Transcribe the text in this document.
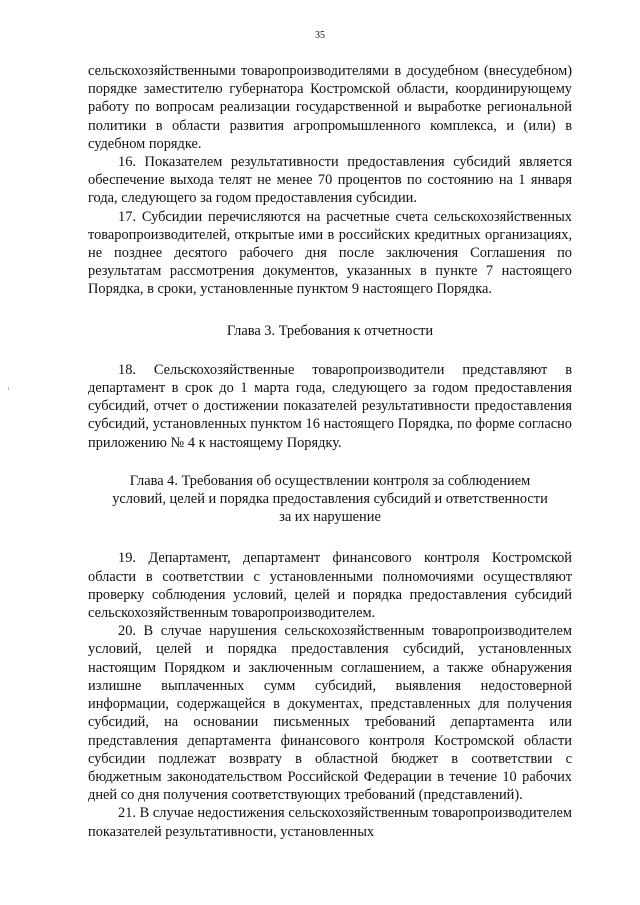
35

сельскохозяйственными товаропроизводителями в досудебном (внесудебном) порядке заместителю губернатора Костромской области, координирующему работу по вопросам реализации государственной и выработке региональной политики в области развития агропромышленного комплекса, и (или) в судебном порядке.

16. Показателем результативности предоставления субсидий является обеспечение выхода телят не менее 70 процентов по состоянию на 1 января года, следующего за годом предоставления субсидии.

17. Субсидии перечисляются на расчетные счета сельскохозяйственных товаропроизводителей, открытые ими в российских кредитных организациях, не позднее десятого рабочего дня после заключения Соглашения по результатам рассмотрения документов, указанных в пункте 7 настоящего Порядка, в сроки, установленные пунктом 9 настоящего Порядка.

Глава 3. Требования к отчетности

18. Сельскохозяйственные товаропроизводители представляют в департамент в срок до 1 марта года, следующего за годом предоставления субсидий, отчет о достижении показателей результативности предоставления субсидий, установленных пунктом 16 настоящего Порядка, по форме согласно приложению № 4 к настоящему Порядку.

Глава 4. Требования об осуществлении контроля за соблюдением
условий, целей и порядка предоставления субсидий и ответственности
за их нарушение

19. Департамент, департамент финансового контроля Костромской области в соответствии с установленными полномочиями осуществляют проверку соблюдения условий, целей и порядка предоставления субсидий сельскохозяйственным товаропроизводителем.

20. В случае нарушения сельскохозяйственным товаропроизводителем условий, целей и порядка предоставления субсидий, установленных настоящим Порядком и заключенным соглашением, а также обнаружения излишне выплаченных сумм субсидий, выявления недостоверной информации, содержащейся в документах, представленных для получения субсидий, на основании письменных требований департамента или представления департамента финансового контроля Костромской области субсидии подлежат возврату в областной бюджет в соответствии с бюджетным законодательством Российской Федерации в течение 10 рабочих дней со дня получения соответствующих требований (представлений).

21. В случае недостижения сельскохозяйственным товаропроизводителем показателей результативности, установленных
